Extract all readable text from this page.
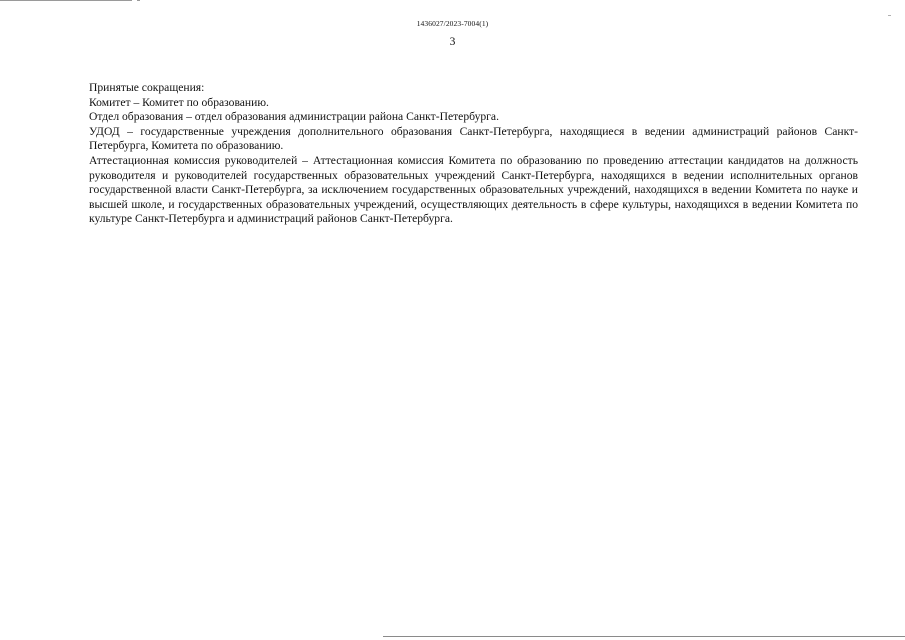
1436027/2023-7004(1)
3

Принятые сокращения:

Комитет – Комитет по образованию.

Отдел образования – отдел образования администрации района Санкт-Петербурга.

УДОД – государственные учреждения дополнительного образования Санкт-Петербурга, находящиеся в ведении администраций районов Санкт-Петербурга, Комитета по образованию.

Аттестационная комиссия руководителей – Аттестационная комиссия Комитета по образованию по проведению аттестации кандидатов на должность руководителя и руководителей государственных образовательных учреждений Санкт-Петербурга, находящихся в ведении исполнительных органов государственной власти Санкт-Петербурга, за исключением государственных образовательных учреждений, находящихся в ведении Комитета по науке и высшей школе, и государственных образовательных учреждений, осуществляющих деятельность в сфере культуры, находящихся в ведении Комитета по культуре Санкт-Петербурга и администраций районов Санкт-Петербурга.
